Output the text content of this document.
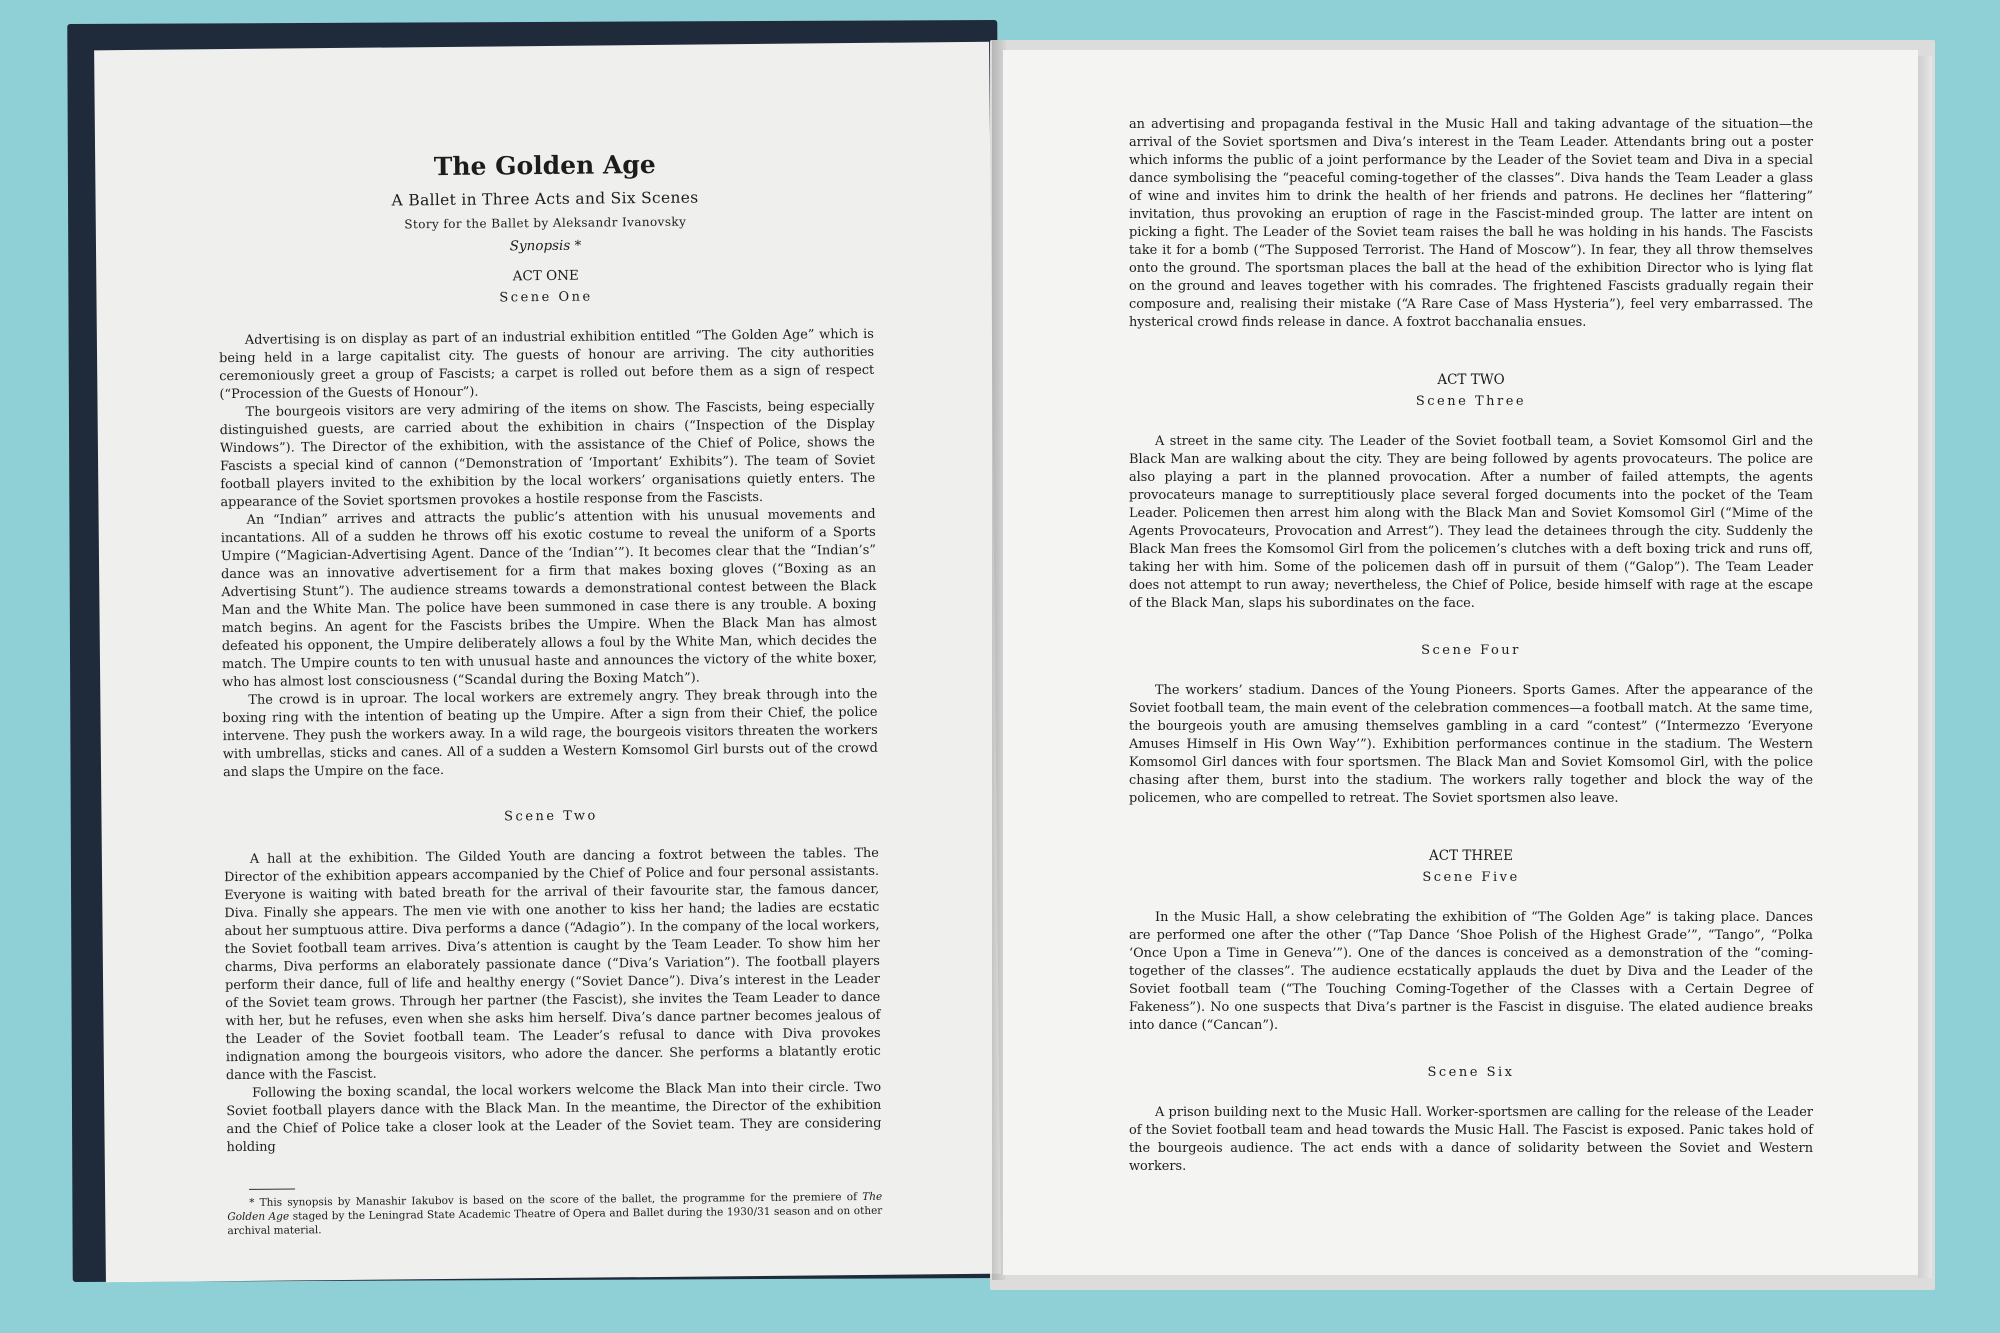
The Golden Age
A Ballet in Three Acts and Six Scenes
Story for the Ballet by Aleksandr Ivanovsky
Synopsis *
ACT ONE
Scene One

Advertising is on display as part of an industrial exhibition entitled “The Golden Age” which is being held in a large capitalist city. The guests of honour are arriving. The city authorities ceremoniously greet a group of Fascists; a carpet is rolled out before them as a sign of respect (“Procession of the Guests of Honour”).

The bourgeois visitors are very admiring of the items on show. The Fascists, being especially distinguished guests, are carried about the exhibition in chairs (“Inspection of the Display Windows”). The Director of the exhibition, with the assistance of the Chief of Police, shows the Fascists a special kind of cannon (“Demonstration of ‘Important’ Exhibits”). The team of Soviet football players invited to the exhibition by the local workers’ organisations quietly enters. The appearance of the Soviet sportsmen provokes a hostile response from the Fascists.

An “Indian” arrives and attracts the public’s attention with his unusual movements and incantations. All of a sudden he throws off his exotic costume to reveal the uniform of a Sports Umpire (“Magician-Advertising Agent. Dance of the ‘Indian’”). It becomes clear that the “Indian’s” dance was an innovative advertisement for a firm that makes boxing gloves (“Boxing as an Advertising Stunt”). The audience streams towards a demonstrational contest between the Black Man and the White Man. The police have been summoned in case there is any trouble. A boxing match begins. An agent for the Fascists bribes the Umpire. When the Black Man has almost defeated his opponent, the Umpire deliberately allows a foul by the White Man, which decides the match. The Umpire counts to ten with unusual haste and announces the victory of the white boxer, who has almost lost consciousness (“Scandal during the Boxing Match”).

The crowd is in uproar. The local workers are extremely angry. They break through into the boxing ring with the intention of beating up the Umpire. After a sign from their Chief, the police intervene. They push the workers away. In a wild rage, the bourgeois visitors threaten the workers with umbrellas, sticks and canes. All of a sudden a Western Komsomol Girl bursts out of the crowd and slaps the Umpire on the face.

Scene Two

A hall at the exhibition. The Gilded Youth are dancing a foxtrot between the tables. The Director of the exhibition appears accompanied by the Chief of Police and four personal assistants. Everyone is waiting with bated breath for the arrival of their favourite star, the famous dancer, Diva. Finally she appears. The men vie with one another to kiss her hand; the ladies are ecstatic about her sumptuous attire. Diva performs a dance (“Adagio”). In the company of the local workers, the Soviet football team arrives. Diva’s attention is caught by the Team Leader. To show him her charms, Diva performs an elaborately passionate dance (“Diva’s Variation”). The football players perform their dance, full of life and healthy energy (“Soviet Dance”). Diva’s interest in the Leader of the Soviet team grows. Through her partner (the Fascist), she invites the Team Leader to dance with her, but he refuses, even when she asks him herself. Diva’s dance partner becomes jealous of the Leader of the Soviet football team. The Leader’s refusal to dance with Diva provokes indignation among the bourgeois visitors, who adore the dancer. She performs a blatantly erotic dance with the Fascist.

Following the boxing scandal, the local workers welcome the Black Man into their circle. Two Soviet football players dance with the Black Man. In the meantime, the Director of the exhibition and the Chief of Police take a closer look at the Leader of the Soviet team. They are considering holding

* This synopsis by Manashir Iakubov is based on the score of the ballet, the programme for the premiere of The Golden Age staged by the Leningrad State Academic Theatre of Opera and Ballet during the 1930/31 season and on other archival material.

an advertising and propaganda festival in the Music Hall and taking advantage of the situation—the arrival of the Soviet sportsmen and Diva’s interest in the Team Leader. Attendants bring out a poster which informs the public of a joint performance by the Leader of the Soviet team and Diva in a special dance symbolising the “peaceful coming-together of the classes”. Diva hands the Team Leader a glass of wine and invites him to drink the health of her friends and patrons. He declines her “flattering” invitation, thus provoking an eruption of rage in the Fascist-minded group. The latter are intent on picking a fight. The Leader of the Soviet team raises the ball he was holding in his hands. The Fascists take it for a bomb (“The Supposed Terrorist. The Hand of Moscow”). In fear, they all throw themselves onto the ground. The sportsman places the ball at the head of the exhibition Director who is lying flat on the ground and leaves together with his comrades. The frightened Fascists gradually regain their composure and, realising their mistake (“A Rare Case of Mass Hysteria”), feel very embarrassed. The hysterical crowd finds release in dance. A foxtrot bacchanalia ensues.

ACT TWO
Scene Three

A street in the same city. The Leader of the Soviet football team, a Soviet Komsomol Girl and the Black Man are walking about the city. They are being followed by agents provocateurs. The police are also playing a part in the planned provocation. After a number of failed attempts, the agents provocateurs manage to surreptitiously place several forged documents into the pocket of the Team Leader. Policemen then arrest him along with the Black Man and Soviet Komsomol Girl (“Mime of the Agents Provocateurs, Provocation and Arrest”). They lead the detainees through the city. Suddenly the Black Man frees the Komsomol Girl from the policemen’s clutches with a deft boxing trick and runs off, taking her with him. Some of the policemen dash off in pursuit of them (“Galop”). The Team Leader does not attempt to run away; nevertheless, the Chief of Police, beside himself with rage at the escape of the Black Man, slaps his subordinates on the face.

Scene Four

The workers’ stadium. Dances of the Young Pioneers. Sports Games. After the appearance of the Soviet football team, the main event of the celebration commences—a football match. At the same time, the bourgeois youth are amusing themselves gambling in a card “contest” (“Intermezzo ‘Everyone Amuses Himself in His Own Way’”). Exhibition performances continue in the stadium. The Western Komsomol Girl dances with four sportsmen. The Black Man and Soviet Komsomol Girl, with the police chasing after them, burst into the stadium. The workers rally together and block the way of the policemen, who are compelled to retreat. The Soviet sportsmen also leave.

ACT THREE
Scene Five

In the Music Hall, a show celebrating the exhibition of “The Golden Age” is taking place. Dances are performed one after the other (“Tap Dance ‘Shoe Polish of the Highest Grade’”, “Tango”, “Polka ‘Once Upon a Time in Geneva’”). One of the dances is conceived as a demonstration of the “coming-together of the classes”. The audience ecstatically applauds the duet by Diva and the Leader of the Soviet football team (“The Touching Coming-Together of the Classes with a Certain Degree of Fakeness”). No one suspects that Diva’s partner is the Fascist in disguise. The elated audience breaks into dance (“Cancan”).

Scene Six

A prison building next to the Music Hall. Worker-sportsmen are calling for the release of the Leader of the Soviet football team and head towards the Music Hall. The Fascist is exposed. Panic takes hold of the bourgeois audience. The act ends with a dance of solidarity between the Soviet and Western workers.
